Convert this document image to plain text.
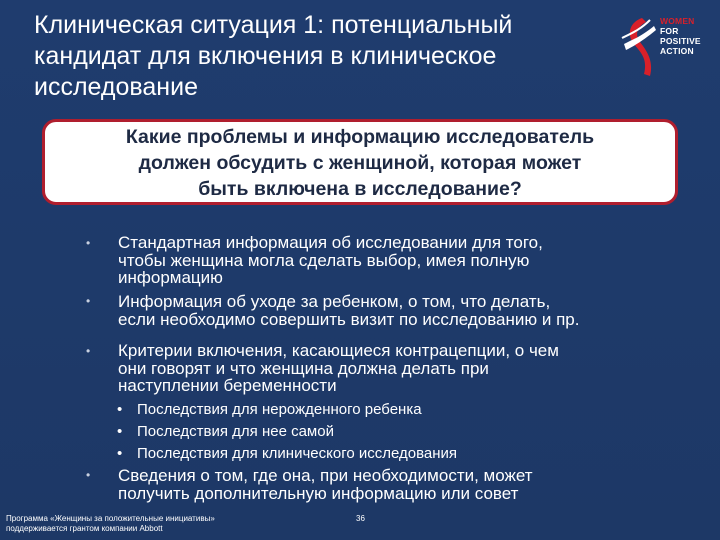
Клиническая ситуация 1: потенциальный
кандидат для включения в клиническое
исследование
WOMEN
FOR
POSITIVE
ACTION
Какие проблемы и информацию исследователь
должен обсудить с женщиной, которая может
быть включена в исследование?
• Стандартная информация об исследовании для того,
чтобы женщина могла сделать выбор, имея полную
информацию
• Информация об уходе за ребенком, о том, что делать,
если необходимо совершить визит по исследованию и пр.
• Критерии включения, касающиеся контрацепции, о чем
они говорят и что женщина должна делать при
наступлении беременности
• Последствия для нерожденного ребенка
• Последствия для нее самой
• Последствия для клинического исследования
• Сведения о том, где она, при необходимости, может
получить дополнительную информацию или совет
Программа «Женщины за положительные инициативы»
поддерживается грантом компании Abbott
36
